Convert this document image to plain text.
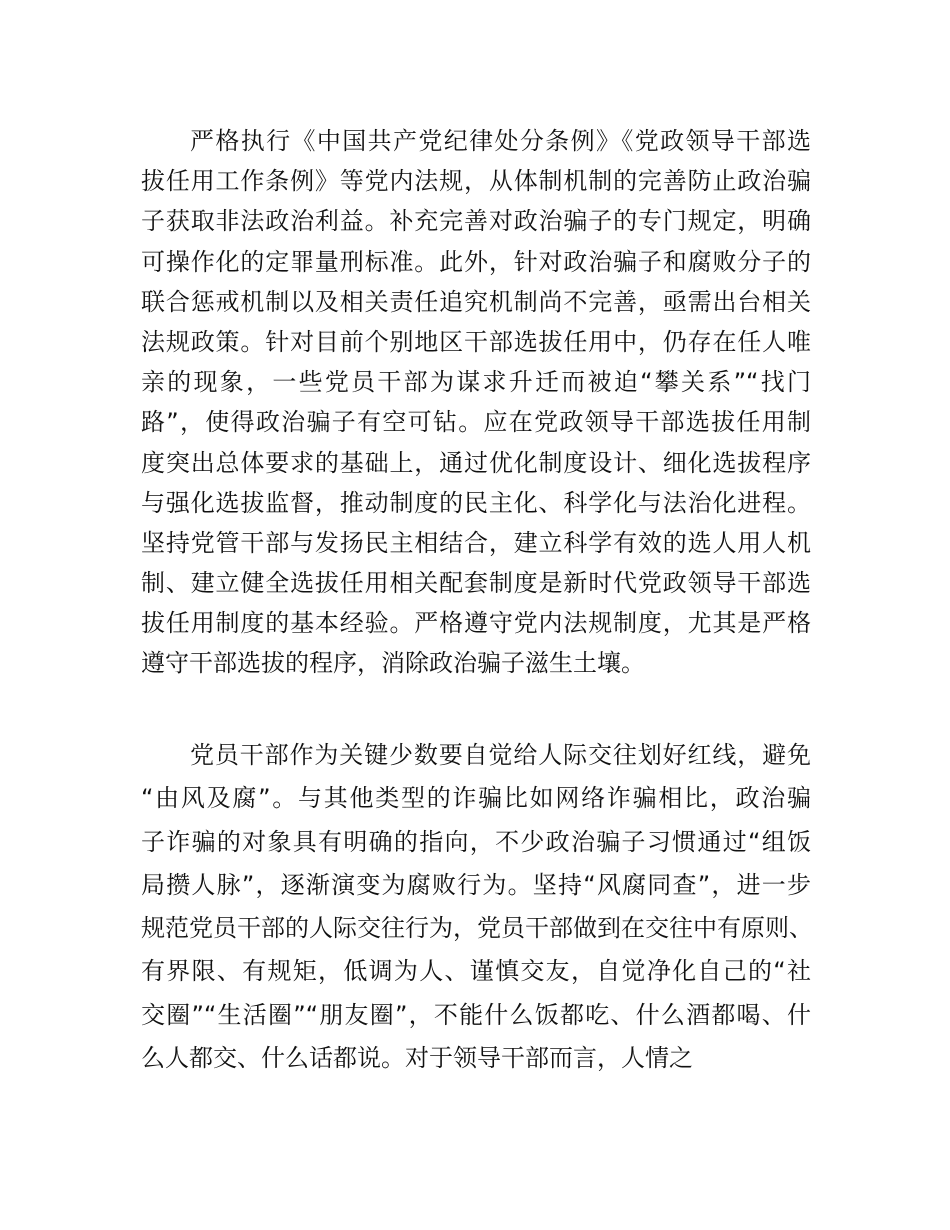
严格执行《中国共产党纪律处分条例》《党政领导干部选
拔任用工作条例》等党内法规，从体制机制的完善防止政治骗
子获取非法政治利益。补充完善对政治骗子的专门规定，明确
可操作化的定罪量刑标准。此外，针对政治骗子和腐败分子的
联合惩戒机制以及相关责任追究机制尚不完善，亟需出台相关
法规政策。针对目前个别地区干部选拔任用中，仍存在任人唯
亲的现象，一些党员干部为谋求升迁而被迫“攀关系”“找门
路”，使得政治骗子有空可钻。应在党政领导干部选拔任用制
度突出总体要求的基础上，通过优化制度设计、细化选拔程序
与强化选拔监督，推动制度的民主化、科学化与法治化进程。
坚持党管干部与发扬民主相结合，建立科学有效的选人用人机
制、建立健全选拔任用相关配套制度是新时代党政领导干部选
拔任用制度的基本经验。严格遵守党内法规制度，尤其是严格
遵守干部选拔的程序，消除政治骗子滋生土壤。
党员干部作为关键少数要自觉给人际交往划好红线，避免
“由风及腐”。与其他类型的诈骗比如网络诈骗相比，政治骗
子诈骗的对象具有明确的指向，不少政治骗子习惯通过“组饭
局攒人脉”，逐渐演变为腐败行为。坚持“风腐同查”，进一步
规范党员干部的人际交往行为，党员干部做到在交往中有原则、
有界限、有规矩，低调为人、谨慎交友，自觉净化自己的“社
交圈”“生活圈”“朋友圈”，不能什么饭都吃、什么酒都喝、什
么人都交、什么话都说。对于领导干部而言，人情之
